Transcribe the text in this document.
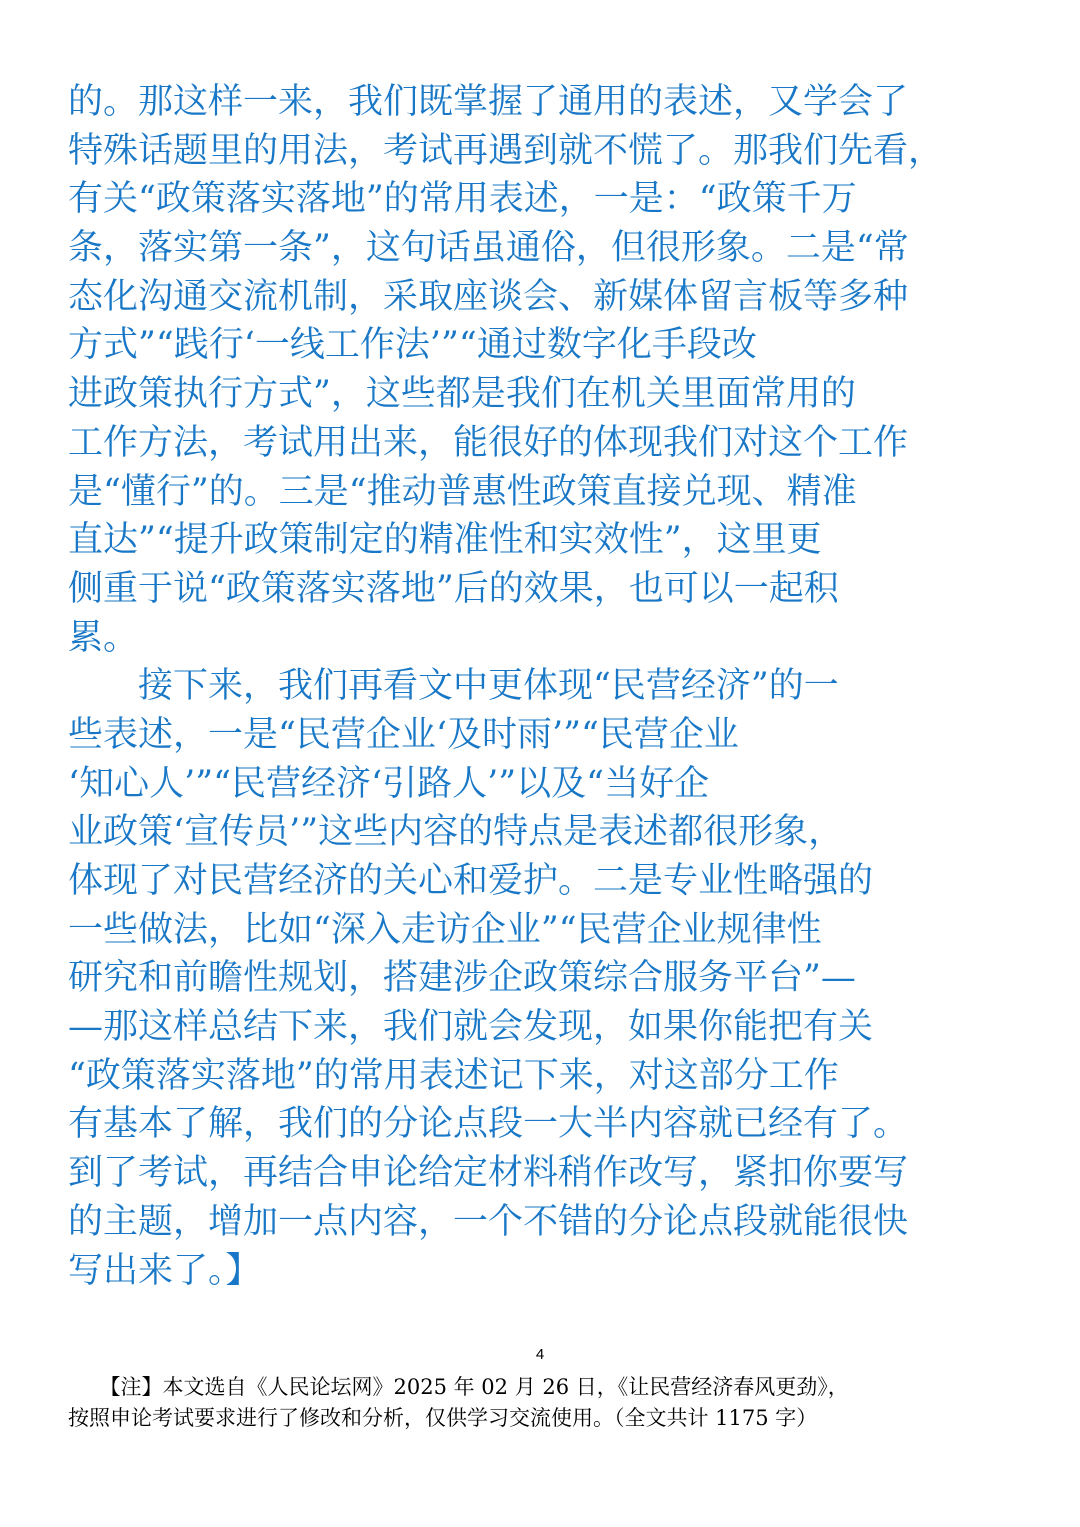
的。那这样一来，我们既掌握了通用的表述，又学会了
特殊话题里的用法，考试再遇到就不慌了。那我们先看，
有关“政策落实落地”的常用表述，一是：“政策千万
条，落实第一条”，这句话虽通俗，但很形象。二是“常
态化沟通交流机制，采取座谈会、新媒体留言板等多种
方式”“践行‘一线工作法’”“通过数字化手段改
进政策执行方式”，这些都是我们在机关里面常用的
工作方法，考试用出来，能很好的体现我们对这个工作
是“懂行”的。三是“推动普惠性政策直接兑现、精准
直达”“提升政策制定的精准性和实效性”，这里更
侧重于说“政策落实落地”后的效果，也可以一起积
累。
　　接下来，我们再看文中更体现“民营经济”的一
些表述，一是“民营企业‘及时雨’”“民营企业
‘知心人’”“民营经济‘引路人’”以及“当好企
业政策‘宣传员’”这些内容的特点是表述都很形象，
体现了对民营经济的关心和爱护。二是专业性略强的
一些做法，比如“深入走访企业”“民营企业规律性
研究和前瞻性规划，搭建涉企政策综合服务平台”—
—那这样总结下来，我们就会发现，如果你能把有关
“政策落实落地”的常用表述记下来，对这部分工作
有基本了解，我们的分论点段一大半内容就已经有了。
到了考试，再结合申论给定材料稍作改写，紧扣你要写
的主题，增加一点内容，一个不错的分论点段就能很快
写出来了。】
4
　　【注】本文选自《人民论坛网》2025 年 02 月 26 日，《让民营经济春风更劲》，
按照申论考试要求进行了修改和分析，仅供学习交流使用。（全文共计 1175 字）
